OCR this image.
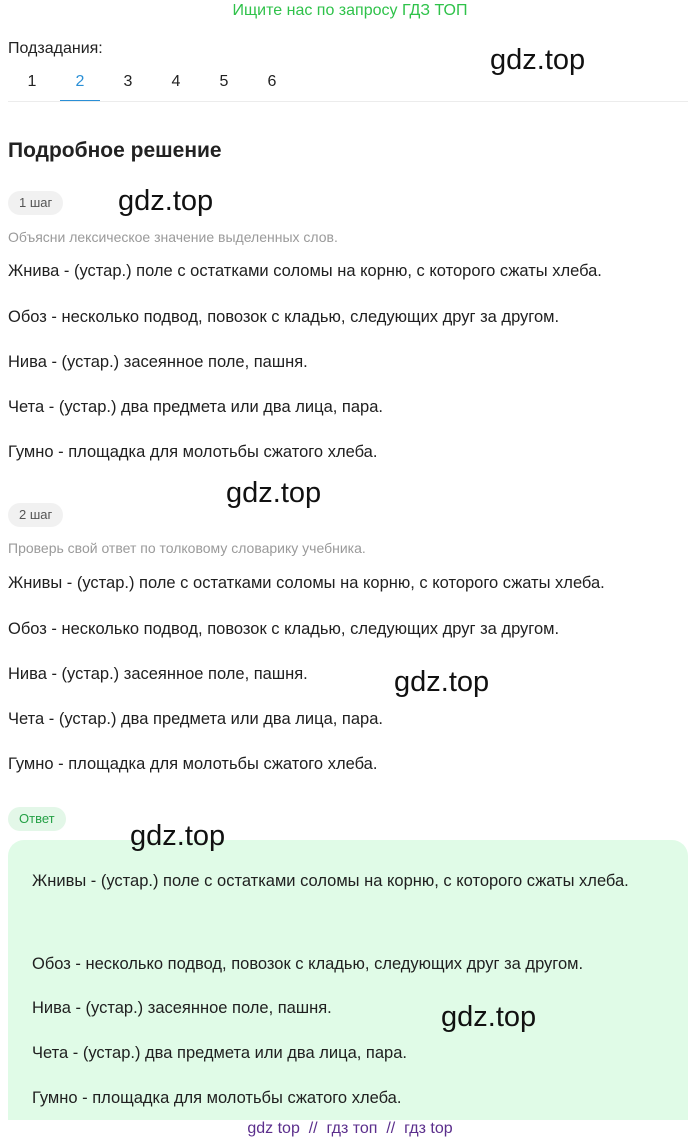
Ищите нас по запросу ГДЗ ТОП
Подзадания:
1	2	3	4	5	6
gdz.top
Подробное решение
1 шаг	gdz.top
Объясни лексическое значение выделенных слов.
Жнива - (устар.) поле с остатками соломы на корню, с которого сжаты хлеба.
Обоз - несколько подвод, повозок с кладью, следующих друг за другом.
Нива - (устар.) засеянное поле, пашня.
Чета - (устар.) два предмета или два лица, пара.
Гумно - площадка для молотьбы сжатого хлеба.
gdz.top
2 шаг
Проверь свой ответ по толковому словарику учебника.
Жнивы - (устар.) поле с остатками соломы на корню, с которого сжаты хлеба.
Обоз - несколько подвод, повозок с кладью, следующих друг за другом.
Нива - (устар.) засеянное поле, пашня.	gdz.top
Чета - (устар.) два предмета или два лица, пара.
Гумно - площадка для молотьбы сжатого хлеба.
Ответ
Жнивы - (устар.) поле с остатками соломы на корню, с которого сжаты хлеба.
Обоз - несколько подвод, повозок с кладью, следующих друг за другом.
Нива - (устар.) засеянное поле, пашня.
Чета - (устар.) два предмета или два лица, пара.
Гумно - площадка для молотьбы сжатого хлеба.
gdz.top
gdz.top
gdz top // гдз топ // гдз top
